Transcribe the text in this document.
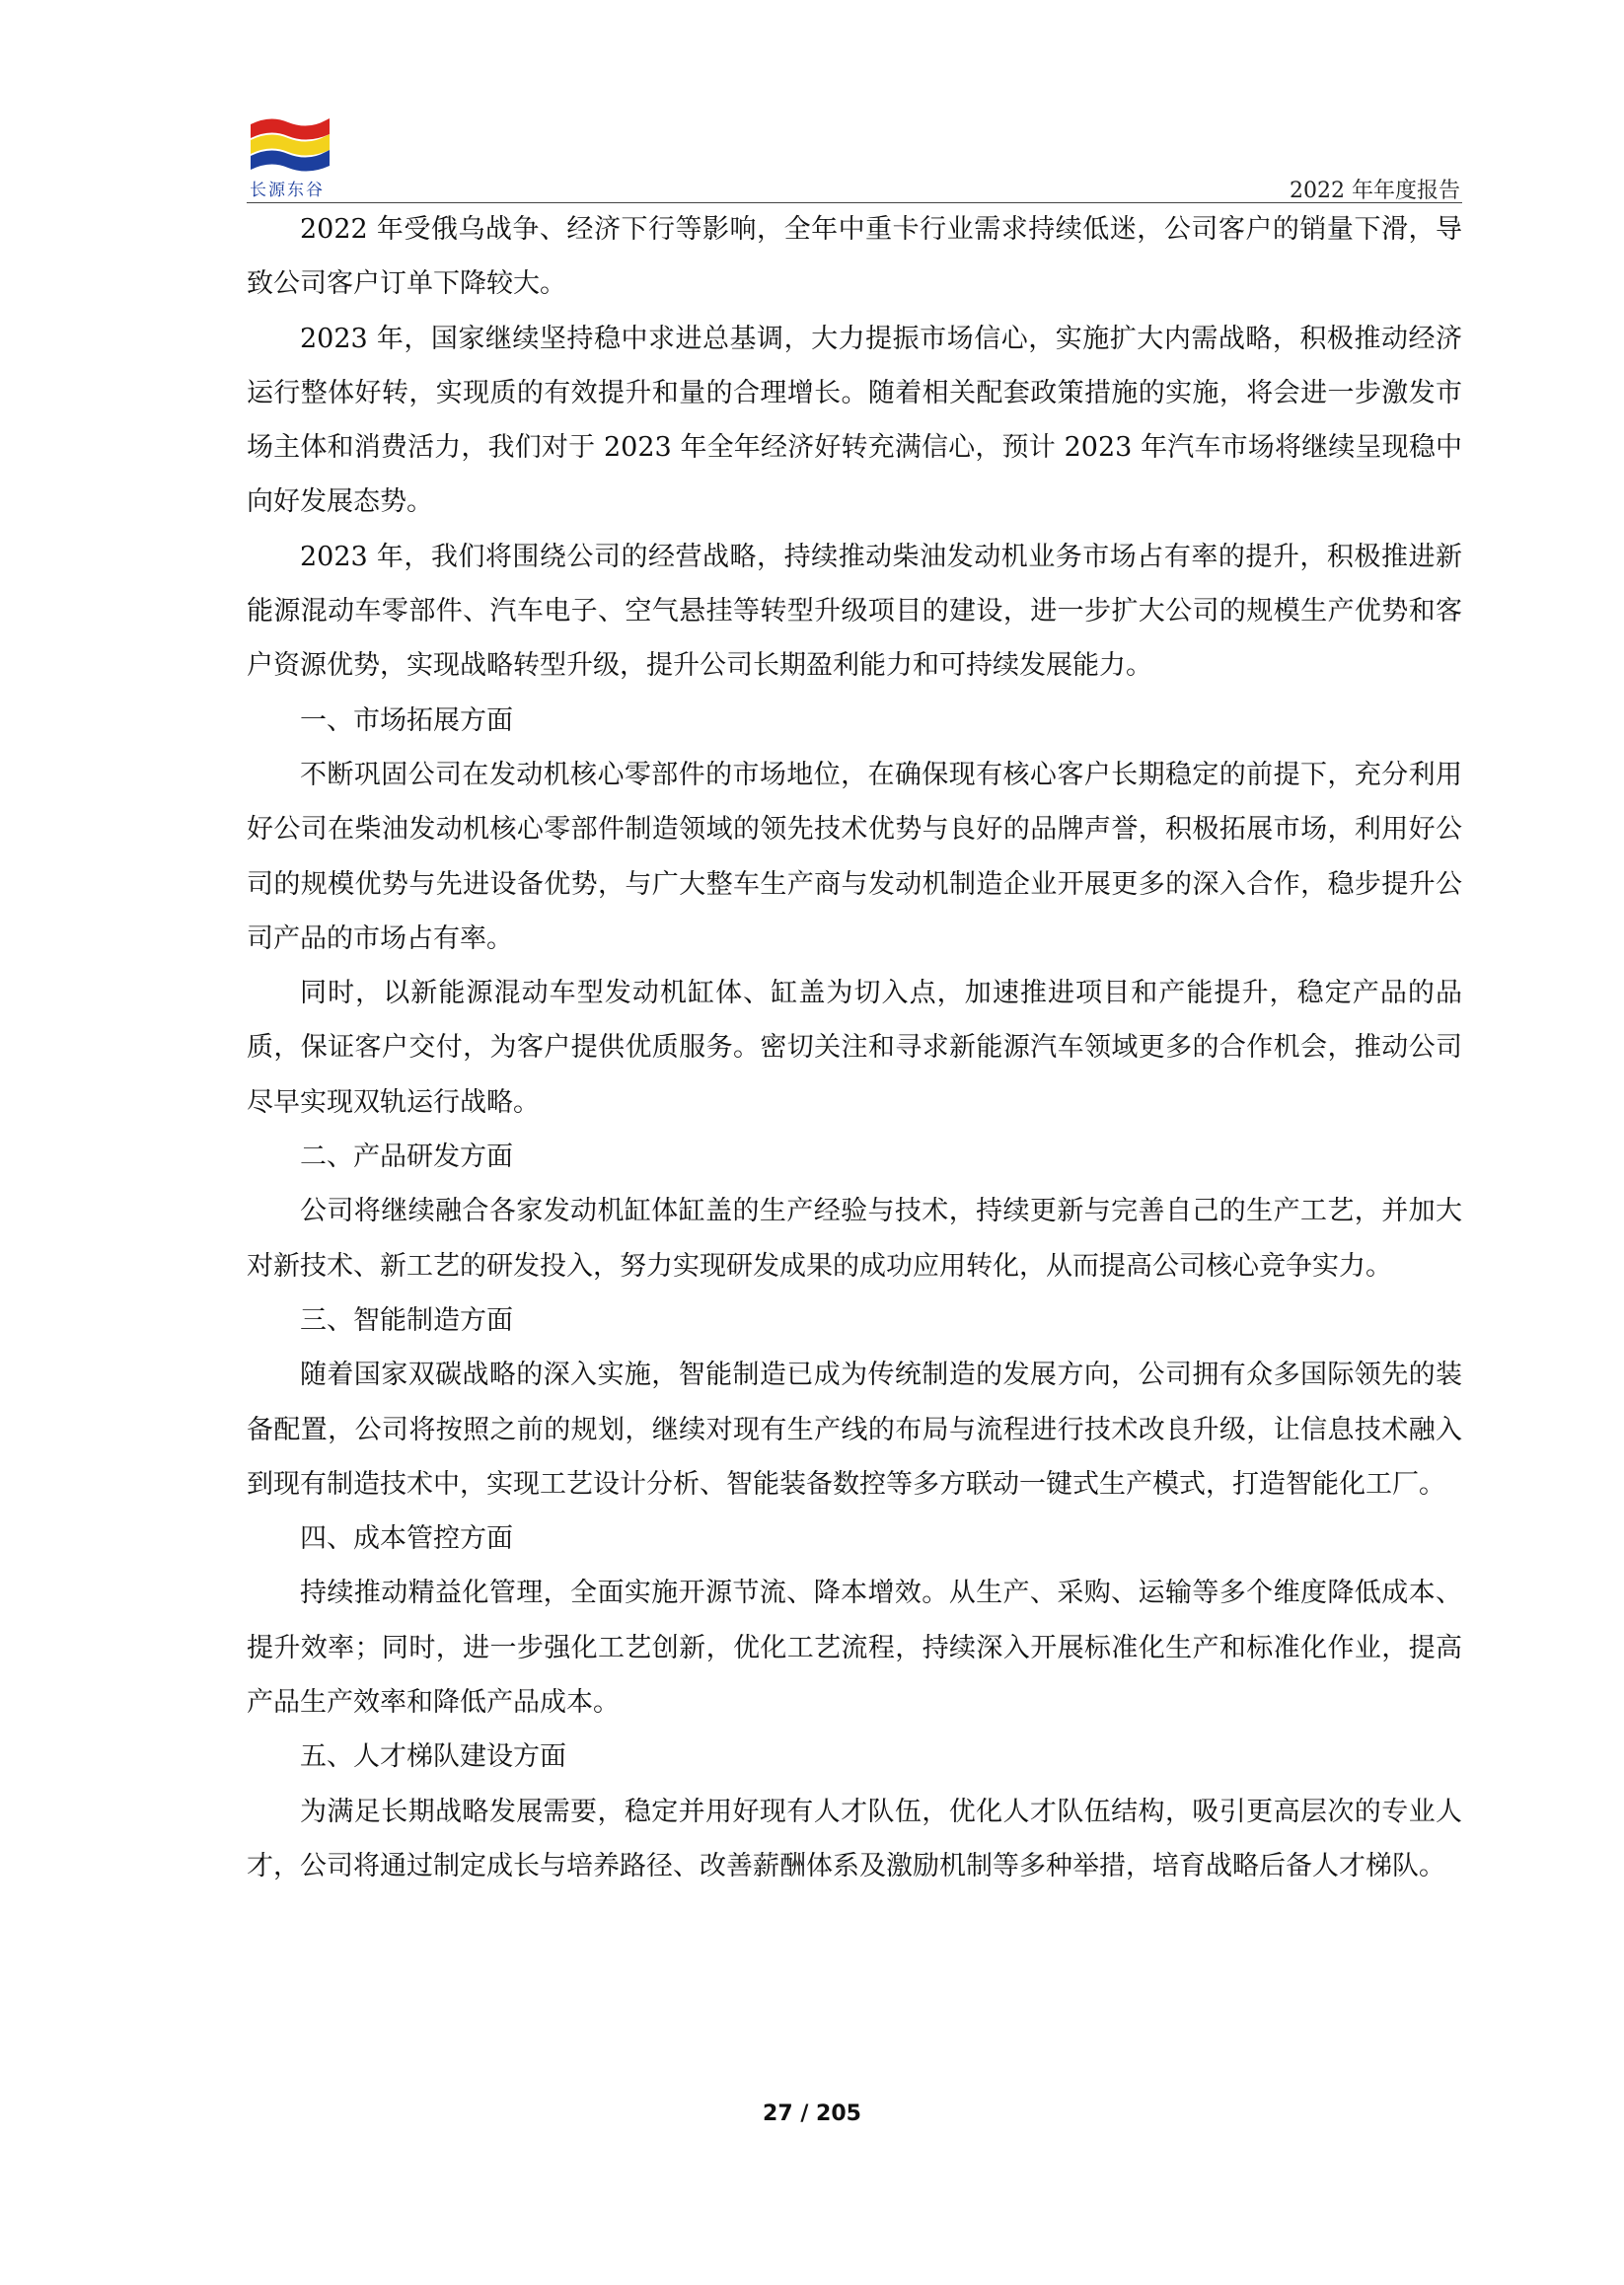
长源东谷	2022 年年度报告

2022 年受俄乌战争、经济下行等影响，全年中重卡行业需求持续低迷，公司客户的销量下滑，导致公司客户订单下降较大。

2023 年，国家继续坚持稳中求进总基调，大力提振市场信心，实施扩大内需战略，积极推动经济运行整体好转，实现质的有效提升和量的合理增长。随着相关配套政策措施的实施，将会进一步激发市场主体和消费活力，我们对于 2023 年全年经济好转充满信心，预计 2023 年汽车市场将继续呈现稳中向好发展态势。

2023 年，我们将围绕公司的经营战略，持续推动柴油发动机业务市场占有率的提升，积极推进新能源混动车零部件、汽车电子、空气悬挂等转型升级项目的建设，进一步扩大公司的规模生产优势和客户资源优势，实现战略转型升级，提升公司长期盈利能力和可持续发展能力。

一、市场拓展方面

不断巩固公司在发动机核心零部件的市场地位，在确保现有核心客户长期稳定的前提下，充分利用好公司在柴油发动机核心零部件制造领域的领先技术优势与良好的品牌声誉，积极拓展市场，利用好公司的规模优势与先进设备优势，与广大整车生产商与发动机制造企业开展更多的深入合作，稳步提升公司产品的市场占有率。

同时，以新能源混动车型发动机缸体、缸盖为切入点，加速推进项目和产能提升，稳定产品的品质，保证客户交付，为客户提供优质服务。密切关注和寻求新能源汽车领域更多的合作机会，推动公司尽早实现双轨运行战略。

二、产品研发方面

公司将继续融合各家发动机缸体缸盖的生产经验与技术，持续更新与完善自己的生产工艺，并加大对新技术、新工艺的研发投入，努力实现研发成果的成功应用转化，从而提高公司核心竞争实力。

三、智能制造方面

随着国家双碳战略的深入实施，智能制造已成为传统制造的发展方向，公司拥有众多国际领先的装备配置，公司将按照之前的规划，继续对现有生产线的布局与流程进行技术改良升级，让信息技术融入到现有制造技术中，实现工艺设计分析、智能装备数控等多方联动一键式生产模式，打造智能化工厂。

四、成本管控方面

持续推动精益化管理，全面实施开源节流、降本增效。从生产、采购、运输等多个维度降低成本、提升效率；同时，进一步强化工艺创新，优化工艺流程，持续深入开展标准化生产和标准化作业，提高产品生产效率和降低产品成本。

五、人才梯队建设方面

为满足长期战略发展需要，稳定并用好现有人才队伍，优化人才队伍结构，吸引更高层次的专业人才，公司将通过制定成长与培养路径、改善薪酬体系及激励机制等多种举措，培育战略后备人才梯队。

27 / 205
